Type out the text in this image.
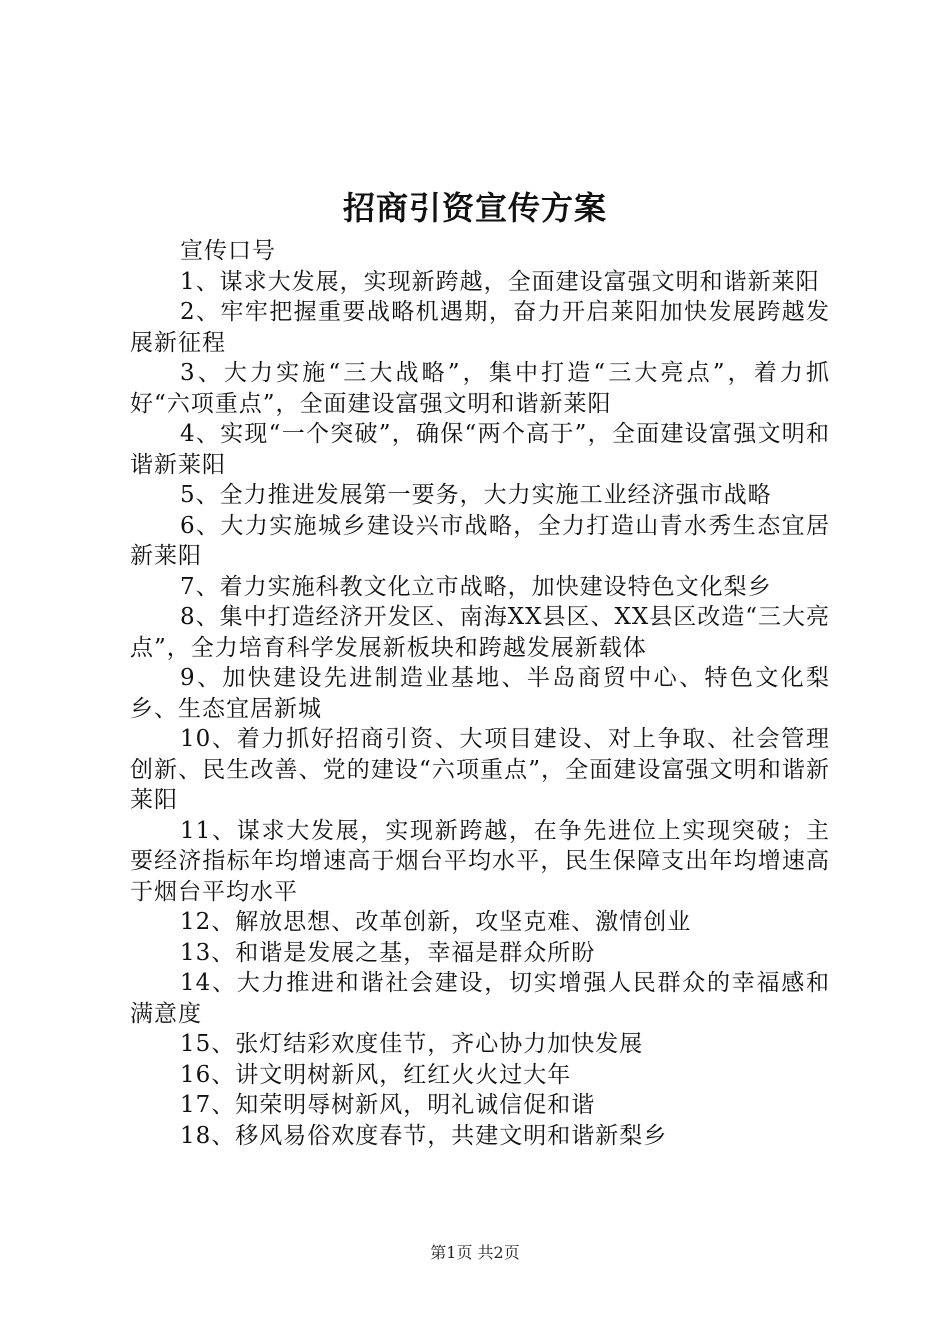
招商引资宣传方案
宣传口号

1、谋求大发展，实现新跨越，全面建设富强文明和谐新莱阳

2、牢牢把握重要战略机遇期，奋力开启莱阳加快发展跨越发展新征程

3、大力实施“三大战略”，集中打造“三大亮点”，着力抓好“六项重点”，全面建设富强文明和谐新莱阳

4、实现“一个突破”，确保“两个高于”，全面建设富强文明和谐新莱阳

5、全力推进发展第一要务，大力实施工业经济强市战略

6、大力实施城乡建设兴市战略，全力打造山青水秀生态宜居新莱阳

7、着力实施科教文化立市战略，加快建设特色文化梨乡

8、集中打造经济开发区、南海XX县区、XX县区改造“三大亮点”，全力培育科学发展新板块和跨越发展新载体

9、加快建设先进制造业基地、半岛商贸中心、特色文化梨乡、生态宜居新城

10、着力抓好招商引资、大项目建设、对上争取、社会管理创新、民生改善、党的建设“六项重点”，全面建设富强文明和谐新莱阳

11、谋求大发展，实现新跨越，在争先进位上实现突破；主要经济指标年均增速高于烟台平均水平，民生保障支出年均增速高于烟台平均水平

12、解放思想、改革创新，攻坚克难、激情创业

13、和谐是发展之基，幸福是群众所盼

14、大力推进和谐社会建设，切实增强人民群众的幸福感和满意度

15、张灯结彩欢度佳节，齐心协力加快发展

16、讲文明树新风，红红火火过大年

17、知荣明辱树新风，明礼诚信促和谐

18、移风易俗欢度春节，共建文明和谐新梨乡

第1页 共2页
